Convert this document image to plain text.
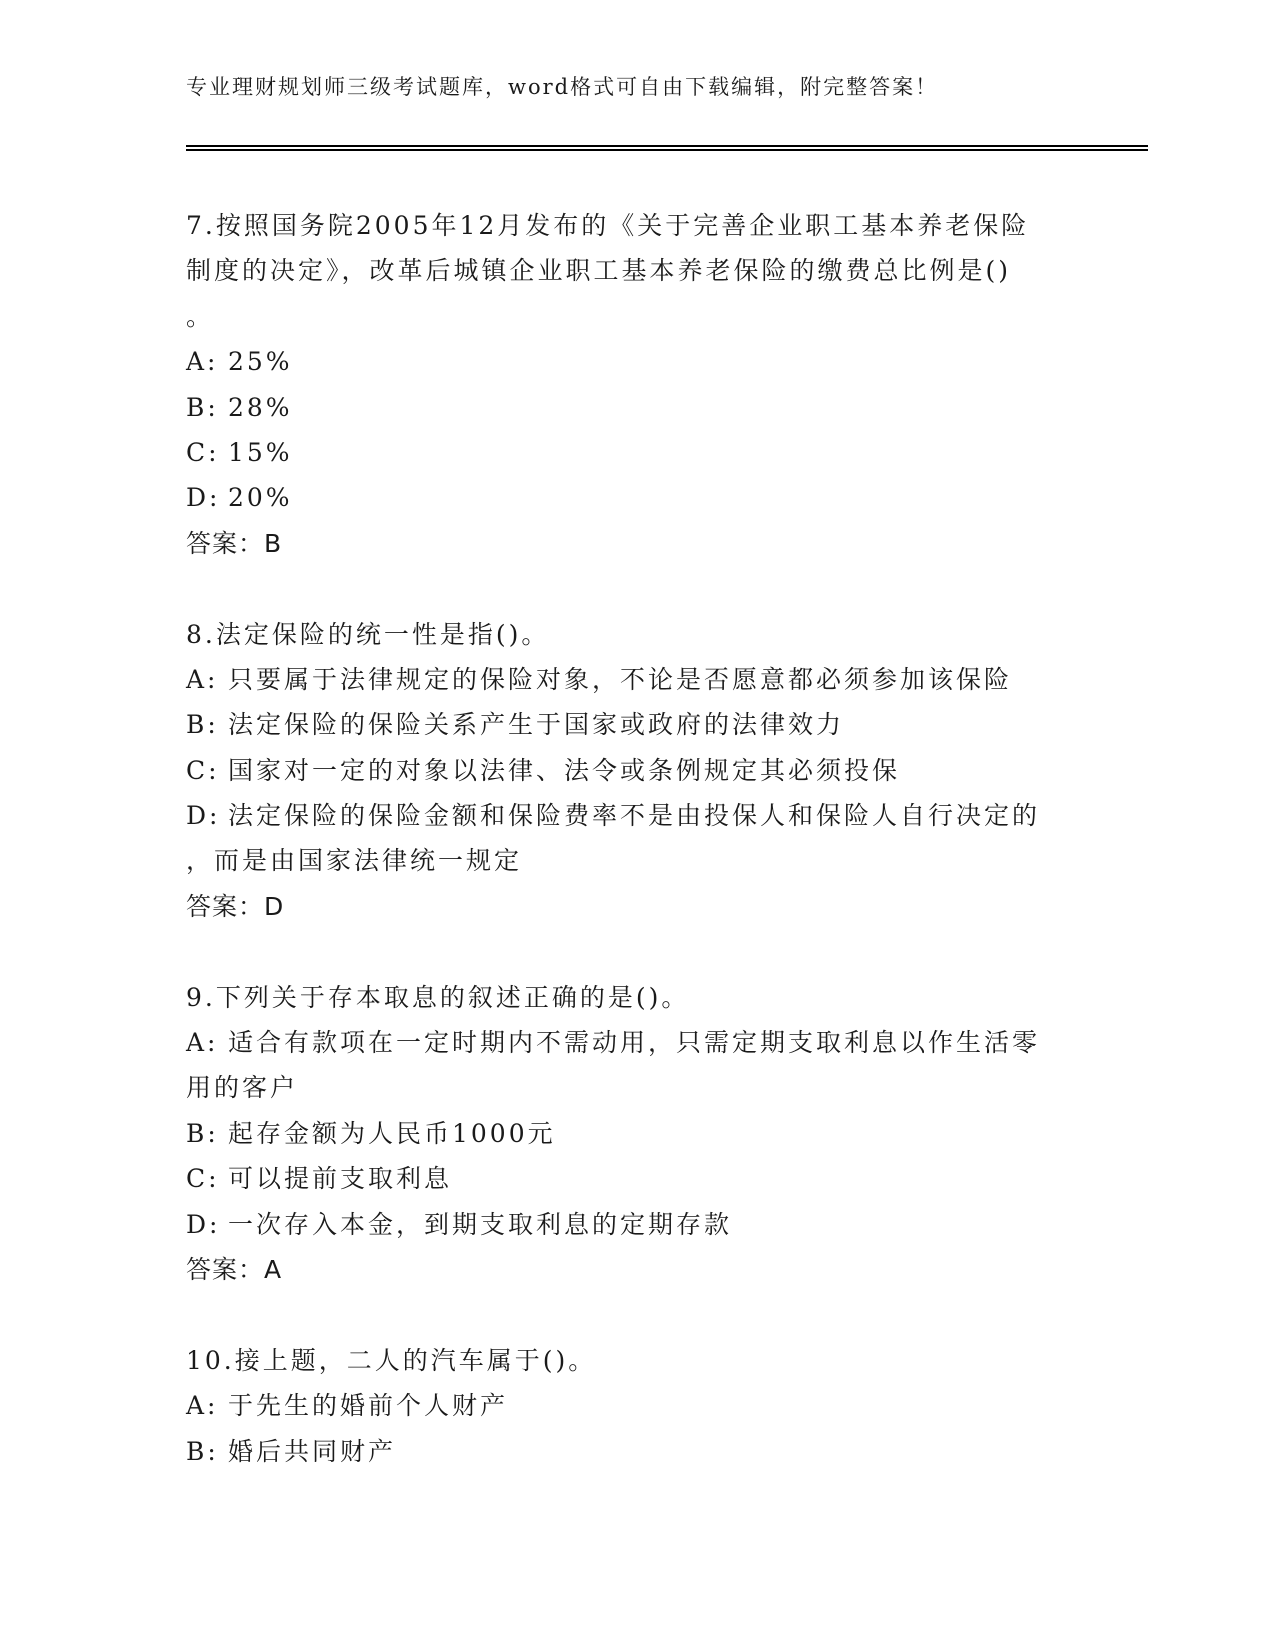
专业理财规划师三级考试题库，word格式可自由下载编辑，附完整答案！
7.按照国务院2005年12月发布的《关于完善企业职工基本养老保险
制度的决定》，改革后城镇企业职工基本养老保险的缴费总比例是()
。
A: 25%
B: 28%
C: 15%
D: 20%
答案：B
8.法定保险的统一性是指()。
A: 只要属于法律规定的保险对象，不论是否愿意都必须参加该保险
B: 法定保险的保险关系产生于国家或政府的法律效力
C: 国家对一定的对象以法律、法令或条例规定其必须投保
D: 法定保险的保险金额和保险费率不是由投保人和保险人自行决定的
，而是由国家法律统一规定
答案：D
9.下列关于存本取息的叙述正确的是()。
A: 适合有款项在一定时期内不需动用，只需定期支取利息以作生活零
用的客户
B: 起存金额为人民币1000元
C: 可以提前支取利息
D: 一次存入本金，到期支取利息的定期存款
答案：A
10.接上题，二人的汽车属于()。
A: 于先生的婚前个人财产
B: 婚后共同财产
